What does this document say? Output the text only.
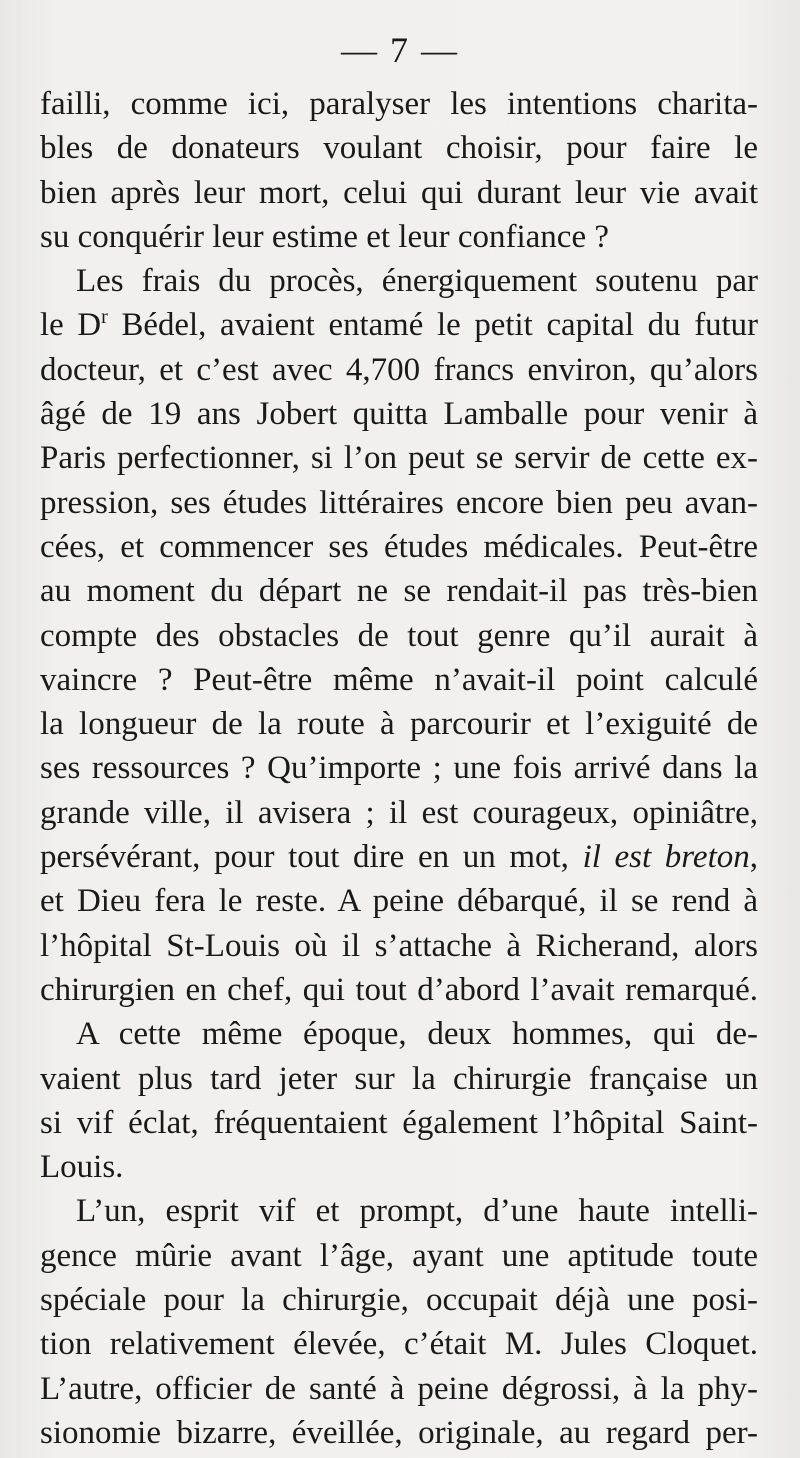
— 7 —
failli, comme ici, paralyser les intentions charita-
bles de donateurs voulant choisir, pour faire le
bien après leur mort, celui qui durant leur vie avait
su conquérir leur estime et leur confiance ?
Les frais du procès, énergiquement soutenu par
le $D^r$ Bédel, avaient entamé le petit capital du futur
docteur, et c’est avec 4,700 francs environ, qu’alors
âgé de 19 ans Jobert quitta Lamballe pour venir à
Paris perfectionner, si l’on peut se servir de cette ex-
pression, ses études littéraires encore bien peu avan-
cées, et commencer ses études médicales. Peut-être
au moment du départ ne se rendait-il pas très-bien
compte des obstacles de tout genre qu’il aurait à
vaincre ? Peut-être même n’avait-il point calculé
la longueur de la route à parcourir et l’exiguité de
ses ressources ? Qu’importe ; une fois arrivé dans la
grande ville, il avisera ; il est courageux, opiniâtre,
persévérant, pour tout dire en un mot, il est breton,
et Dieu fera le reste. A peine débarqué, il se rend à
l’hôpital St-Louis où il s’attache à Richerand, alors
chirurgien en chef, qui tout d’abord l’avait remarqué.
A cette même époque, deux hommes, qui de-
vaient plus tard jeter sur la chirurgie française un
si vif éclat, fréquentaient également l’hôpital Saint-
Louis.
L’un, esprit vif et prompt, d’une haute intelli-
gence mûrie avant l’âge, ayant une aptitude toute
spéciale pour la chirurgie, occupait déjà une posi-
tion relativement élevée, c’était M. Jules Cloquet.
L’autre, officier de santé à peine dégrossi, à la phy-
sionomie bizarre, éveillée, originale, au regard per-
